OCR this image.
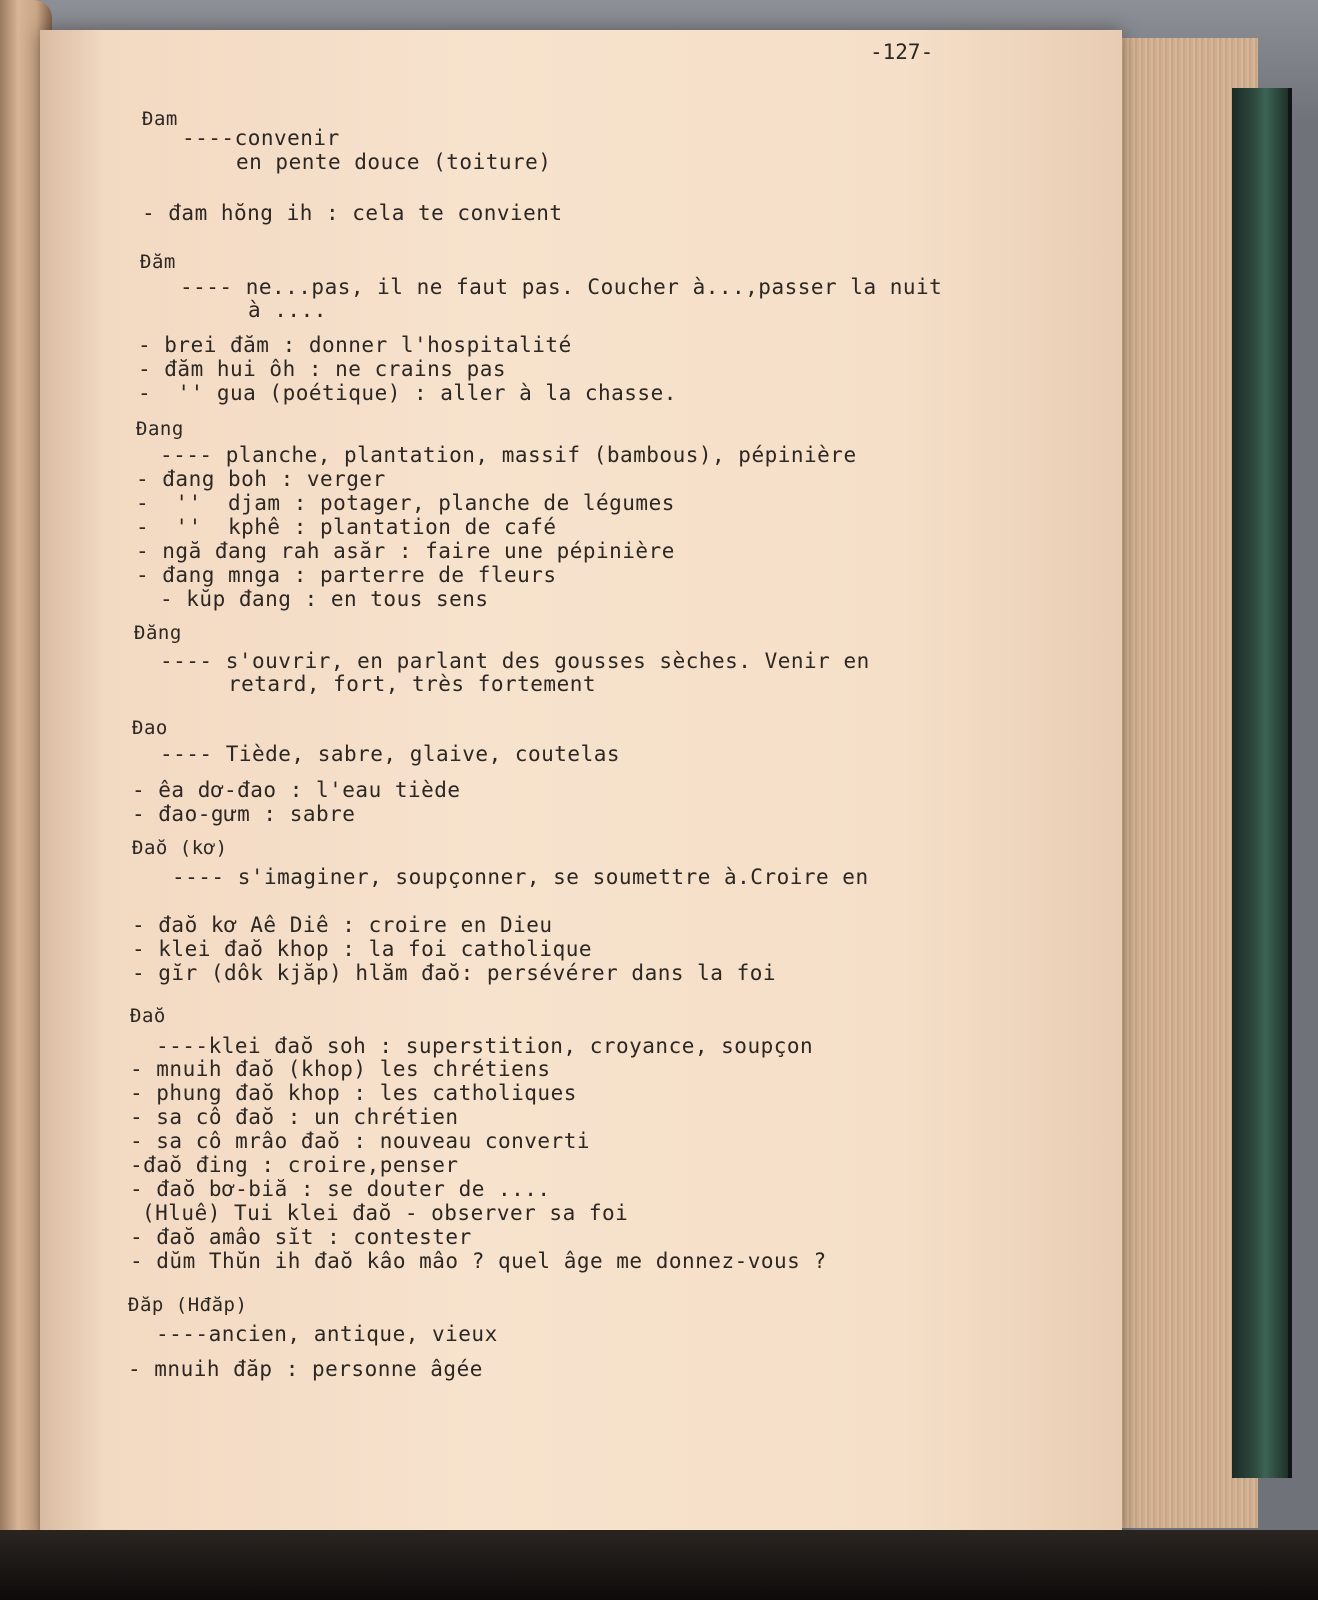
-127-
Đam
----convenir
en pente douce (toiture)
- đam hŏng ih : cela te convient
Đăm
---- ne...pas, il ne faut pas. Coucher à...,passer la nuit
à ....
- brei đăm : donner l'hospitalité
- đăm hui ôh : ne crains pas
-  '' gua (poétique) : aller à la chasse.
Đang
---- planche, plantation, massif (bambous), pépinière
- đang boh : verger
-  ''  djam : potager, planche de légumes
-  ''  kphê : plantation de café
- ngă đang rah asăr : faire une pépinière
- đang mnga : parterre de fleurs
- kŭp đang : en tous sens
Đăng
---- s'ouvrir, en parlant des gousses sèches. Venir en
retard, fort, très fortement
Đao
---- Tiède, sabre, glaive, coutelas
- êa dơ-đao : l'eau tiède
- đao-gưm : sabre
Đaŏ (kơ)
---- s'imaginer, soupçonner, se soumettre à.Croire en
- đaŏ kơ Aê Diê : croire en Dieu
- klei đaŏ khop : la foi catholique
- gĭr (dôk kjăp) hlăm đaŏ: persévérer dans la foi
Đaŏ
----klei đaŏ soh : superstition, croyance, soupçon
- mnuih đaŏ (khop) les chrétiens
- phung đaŏ khop : les catholiques
- sa cô đaŏ : un chrétien
- sa cô mrâo đaŏ : nouveau converti
-đaŏ đing : croire,penser
- đaŏ bơ-biă : se douter de ....
(Hluê) Tui klei đaŏ - observer sa foi
- đaŏ amâo sĭt : contester
- dŭm Thŭn ih đaŏ kâo mâo ? quel âge me donnez-vous ?
Đăp (Hđăp)
----ancien, antique, vieux
- mnuih đăp : personne âgée
